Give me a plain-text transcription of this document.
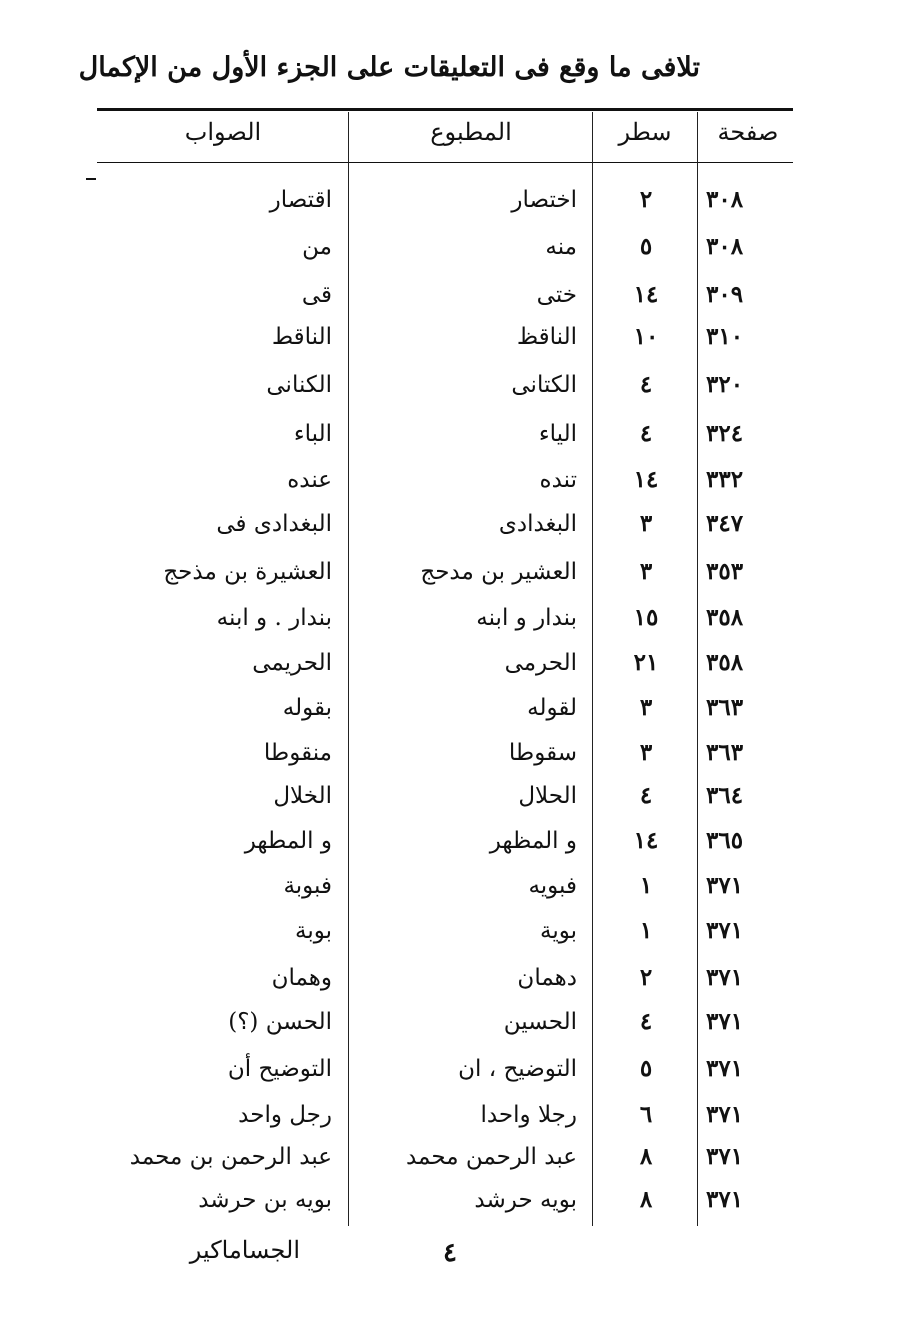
تلافى ما وقع فى التعليقات على الجزء الأول من الإكمال
صفحة
سطر
المطبوع
الصواب
٣٠٨
٢
اختصار
اقتصار
٣٠٨
٥
منه
من
٣٠٩
١٤
ختى
قى
٣١٠
١٠
الناقظ
الناقط
٣٢٠
٤
الكتانى
الكنانى
٣٢٤
٤
الياء
الباء
٣٣٢
١٤
تنده
عنده
٣٤٧
٣
البغدادى
البغدادى فى
٣٥٣
٣
العشير بن مدحج
العشيرة بن مذحج
٣٥٨
١٥
بندار و ابنه
بندار . و ابنه
٣٥٨
٢١
الحرمى
الحريمى
٣٦٣
٣
لقوله
بقوله
٣٦٣
٣
سقوطا
منقوطا
٣٦٤
٤
الحلال
الخلال
٣٦٥
١٤
و المظهر
و المطهر
٣٧١
١
فبويه
فبوبة
٣٧١
١
بوية
بوبة
٣٧١
٢
دهمان
وهمان
٣٧١
٤
الحسين
الحسن (؟)
٣٧١
٥
التوضيح ، ان
التوضيح أن
٣٧١
٦
رجلا واحدا
رجل واحد
٣٧١
٨
عبد الرحمن محمد
عبد الرحمن بن محمد
٣٧١
٨
بويه حرشد
بويه بن حرشد
الجساماكير	٤
